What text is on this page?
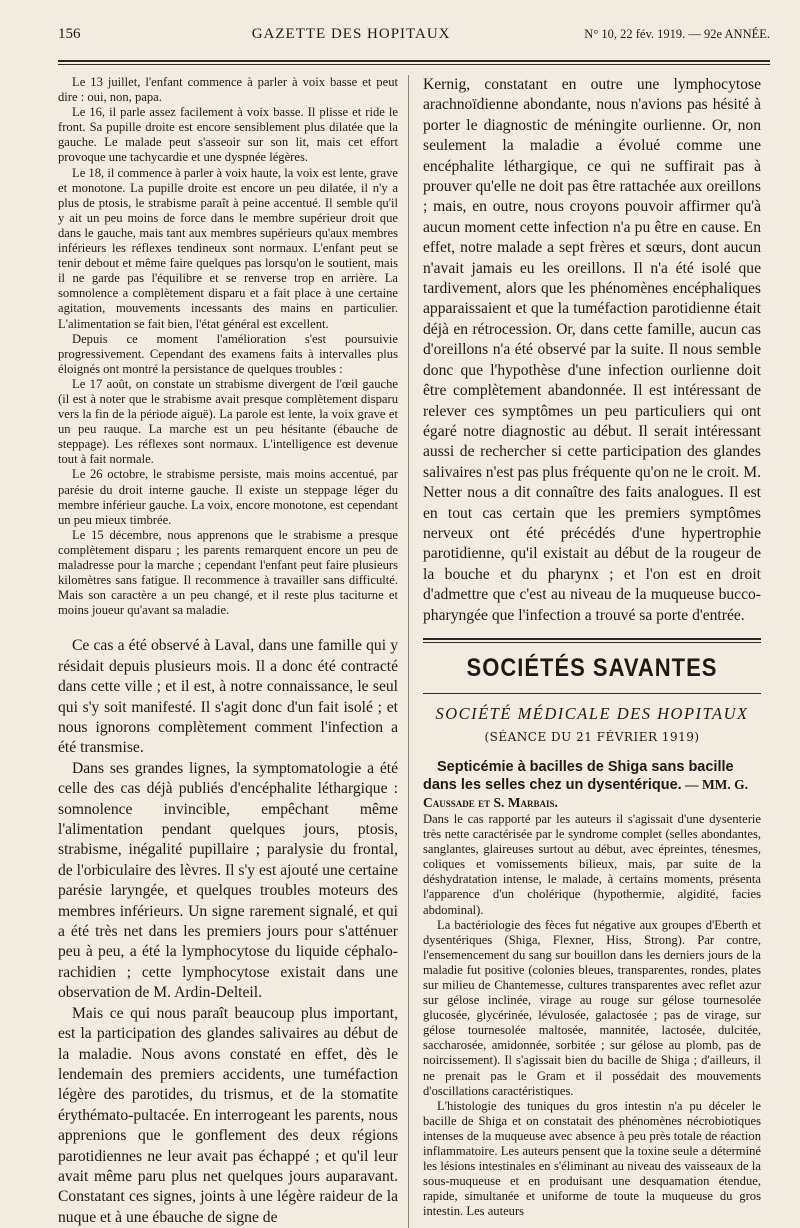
156	GAZETTE DES HOPITAUX	N° 10, 22 fév. 1919. — 92e ANNÉE.

Le 13 juillet, l'enfant commence à parler à voix basse et peut dire : oui, non, papa.

Le 16, il parle assez facilement à voix basse. Il plisse et ride le front. Sa pupille droite est encore sensiblement plus dilatée que la gauche. Le malade peut s'asseoir sur son lit, mais cet effort provoque une tachycardie et une dyspnée légères.

Le 18, il commence à parler à voix haute, la voix est lente, grave et monotone. La pupille droite est encore un peu dilatée, il n'y a plus de ptosis, le strabisme paraît à peine accentué. Il semble qu'il y ait un peu moins de force dans le membre supérieur droit que dans le gauche, mais tant aux membres supérieurs qu'aux membres inférieurs les réflexes tendineux sont normaux. L'enfant peut se tenir debout et même faire quelques pas lorsqu'on le soutient, mais il ne garde pas l'équilibre et se renverse trop en arrière. La somnolence a complètement disparu et a fait place à une certaine agitation, mouvements incessants des mains en particulier. L'alimentation se fait bien, l'état général est excellent.

Depuis ce moment l'amélioration s'est poursuivie progressivement. Cependant des examens faits à intervalles plus éloignés ont montré la persistance de quelques troubles :

Le 17 août, on constate un strabisme divergent de l'œil gauche (il est à noter que le strabisme avait presque complètement disparu vers la fin de la période aiguë). La parole est lente, la voix grave et un peu rauque. La marche est un peu hésitante (ébauche de steppage). Les réflexes sont normaux. L'intelligence est devenue tout à fait normale.

Le 26 octobre, le strabisme persiste, mais moins accentué, par parésie du droit interne gauche. Il existe un steppage léger du membre inférieur gauche. La voix, encore monotone, est cependant un peu mieux timbrée.

Le 15 décembre, nous apprenons que le strabisme a presque complètement disparu ; les parents remarquent encore un peu de maladresse pour la marche ; cependant l'enfant peut faire plusieurs kilomètres sans fatigue. Il recommence à travailler sans difficulté. Mais son caractère a un peu changé, et il reste plus taciturne et moins joueur qu'avant sa maladie.

Ce cas a été observé à Laval, dans une famille qui y résidait depuis plusieurs mois. Il a donc été contracté dans cette ville ; et il est, à notre connaissance, le seul qui s'y soit manifesté. Il s'agit donc d'un fait isolé ; et nous ignorons complètement comment l'infection a été transmise.

Dans ses grandes lignes, la symptomatologie a été celle des cas déjà publiés d'encéphalite léthargique : somnolence invincible, empêchant même l'alimentation pendant quelques jours, ptosis, strabisme, inégalité pupillaire ; paralysie du frontal, de l'orbiculaire des lèvres. Il s'y est ajouté une certaine parésie laryngée, et quelques troubles moteurs des membres inférieurs. Un signe rarement signalé, et qui a été très net dans les premiers jours pour s'atténuer peu à peu, a été la lymphocytose du liquide céphalo-rachidien ; cette lymphocytose existait dans une observation de M. Ardin-Delteil.

Mais ce qui nous paraît beaucoup plus important, est la participation des glandes salivaires au début de la maladie. Nous avons constaté en effet, dès le lendemain des premiers accidents, une tuméfaction légère des parotides, du trismus, et de la stomatite érythémato-pultacée. En interrogeant les parents, nous apprenions que le gonflement des deux régions parotidiennes ne leur avait pas échappé ; et qu'il leur avait même paru plus net quelques jours auparavant. Constatant ces signes, joints à une légère raideur de la nuque et à une ébauche de signe de

Kernig, constatant en outre une lymphocytose arachnoïdienne abondante, nous n'avions pas hésité à porter le diagnostic de méningite ourlienne. Or, non seulement la maladie a évolué comme une encéphalite léthargique, ce qui ne suffirait pas à prouver qu'elle ne doit pas être rattachée aux oreillons ; mais, en outre, nous croyons pouvoir affirmer qu'à aucun moment cette infection n'a pu être en cause. En effet, notre malade a sept frères et sœurs, dont aucun n'avait jamais eu les oreillons. Il n'a été isolé que tardivement, alors que les phénomènes encéphaliques apparaissaient et que la tuméfaction parotidienne était déjà en rétrocession. Or, dans cette famille, aucun cas d'oreillons n'a été observé par la suite. Il nous semble donc que l'hypothèse d'une infection ourlienne doit être complètement abandonnée. Il est intéressant de relever ces symptômes un peu particuliers qui ont égaré notre diagnostic au début. Il serait intéressant aussi de rechercher si cette participation des glandes salivaires n'est pas plus fréquente qu'on ne le croit. M. Netter nous a dit connaître des faits analogues. Il est en tout cas certain que les premiers symptômes nerveux ont été précédés d'une hypertrophie parotidienne, qu'il existait au début de la rougeur de la bouche et du pharynx ; et l'on est en droit d'admettre que c'est au niveau de la muqueuse bucco-pharyngée que l'infection a trouvé sa porte d'entrée.

SOCIÉTÉS SAVANTES
SOCIÉTÉ MÉDICALE DES HOPITAUX
(SÉANCE DU 21 FÉVRIER 1919)
Septicémie à bacilles de Shiga sans bacille dans les selles chez un dysentérique. — MM. G. Caussade et S. Marbais.

Dans le cas rapporté par les auteurs il s'agissait d'une dysenterie très nette caractérisée par le syndrome complet (selles abondantes, sanglantes, glaireuses surtout au début, avec épreintes, ténesmes, coliques et vomissements bilieux, mais, par suite de la déshydratation intense, le malade, à certains moments, présenta l'apparence d'un cholérique (hypothermie, algidité, facies abdominal).

La bactériologie des fèces fut négative aux groupes d'Eberth et dysentériques (Shiga, Flexner, Hiss, Strong). Par contre, l'ensemencement du sang sur bouillon dans les derniers jours de la maladie fut positive (colonies bleues, transparentes, rondes, plates sur milieu de Chantemesse, cultures transparentes avec reflet azur sur gélose inclinée, virage au rouge sur gélose tournesolée glucosée, glycérinée, lévulosée, galactosée ; pas de virage, sur gélose tournesolée maltosée, mannitée, lactosée, dulcitée, saccharosée, amidonnée, sorbitée ; sur gélose au plomb, pas de noircissement). Il s'agissait bien du bacille de Shiga ; d'ailleurs, il ne prenait pas le Gram et il possédait des mouvements d'oscillations caractéristiques.

L'histologie des tuniques du gros intestin n'a pu déceler le bacille de Shiga et on constatait des phénomènes nécrobiotiques intenses de la muqueuse avec absence à peu près totale de réaction inflammatoire. Les auteurs pensent que la toxine seule a déterminé les lésions intestinales en s'éliminant au niveau des vaisseaux de la sous-muqueuse et en produisant une desquamation étendue, rapide, simultanée et uniforme de toute la muqueuse du gros intestin. Les auteurs
